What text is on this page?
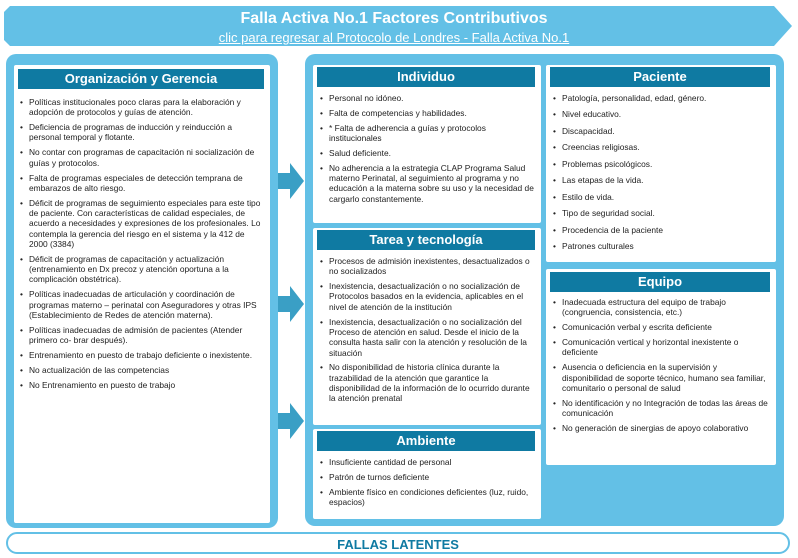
Falla Activa No.1 Factores Contributivos
clic para regresar al Protocolo de Londres - Falla Activa No.1
Organización y Gerencia
• Políticas institucionales poco claras para la elaboración y adopción de protocolos y guías de atención.
• Deficiencia de programas de inducción y reinducción a personal temporal y flotante.
• No contar con programas de capacitación ni socialización de guías y protocolos.
• Falta de programas especiales de detección temprana de embarazos de alto riesgo.
• Déficit de programas de seguimiento especiales para este tipo de paciente. Con características de calidad especiales, de acuerdo a necesidades y expresiones de los profesionales. Lo contempla la gerencia del riesgo en el sistema y la 412 de 2000 (3384)
• Déficit de programas de capacitación y actualización (entrenamiento en Dx precoz y atención oportuna a la complicación obstétrica).
• Políticas inadecuadas de articulación y coordinación de programas materno – perinatal con Aseguradores y otras IPS (Establecimiento de Redes de atención materna).
• Políticas inadecuadas de admisión de pacientes (Atender primero co- brar después).
• Entrenamiento en puesto de trabajo deficiente o inexistente.
• No actualización de las competencias
• No Entrenamiento en puesto de trabajo
Individuo
• Personal no idóneo.
• Falta de competencias y habilidades.
• * Falta de adherencia a guías y protocolos institucionales
• Salud deficiente.
• No adherencia a la estrategia CLAP Programa Salud materno Perinatal, al seguimiento al programa y no educación a la materna sobre su uso y la necesidad de cargarlo constantemente.
Tarea y tecnología
• Procesos de admisión inexistentes, desactualizados o no socializados
• Inexistencia, desactualización o no socialización de Protocolos basados en la evidencia, aplicables en el nivel de atención de la institución
• Inexistencia, desactualización o no socialización del Proceso de atención en salud. Desde el inicio de la consulta hasta salir con la atención y resolución de la situación
• No disponibilidad de historia clínica durante la trazabilidad de la atención que garantice la disponibilidad de la información de lo ocurrido durante la atención prenatal
Ambiente
• Insuficiente cantidad de personal
• Patrón de turnos deficiente
• Ambiente físico en condiciones deficientes (luz, ruido, espacios)
Paciente
• Patología, personalidad, edad, género.
• Nivel educativo.
• Discapacidad.
• Creencias religiosas.
• Problemas psicológicos.
• Las etapas de la vida.
• Estilo de vida.
• Tipo de seguridad social.
• Procedencia de la paciente
• Patrones culturales
Equipo
• Inadecuada estructura del equipo de trabajo (congruencia, consistencia, etc.)
• Comunicación verbal y escrita deficiente
• Comunicación vertical y horizontal inexistente o deficiente
• Ausencia o deficiencia en la supervisión y disponibilidad de soporte técnico, humano sea familiar, comunitario o personal de salud
• No identificación y no Integración de todas las áreas de comunicación
• No generación de sinergias de apoyo colaborativo
FALLAS LATENTES
